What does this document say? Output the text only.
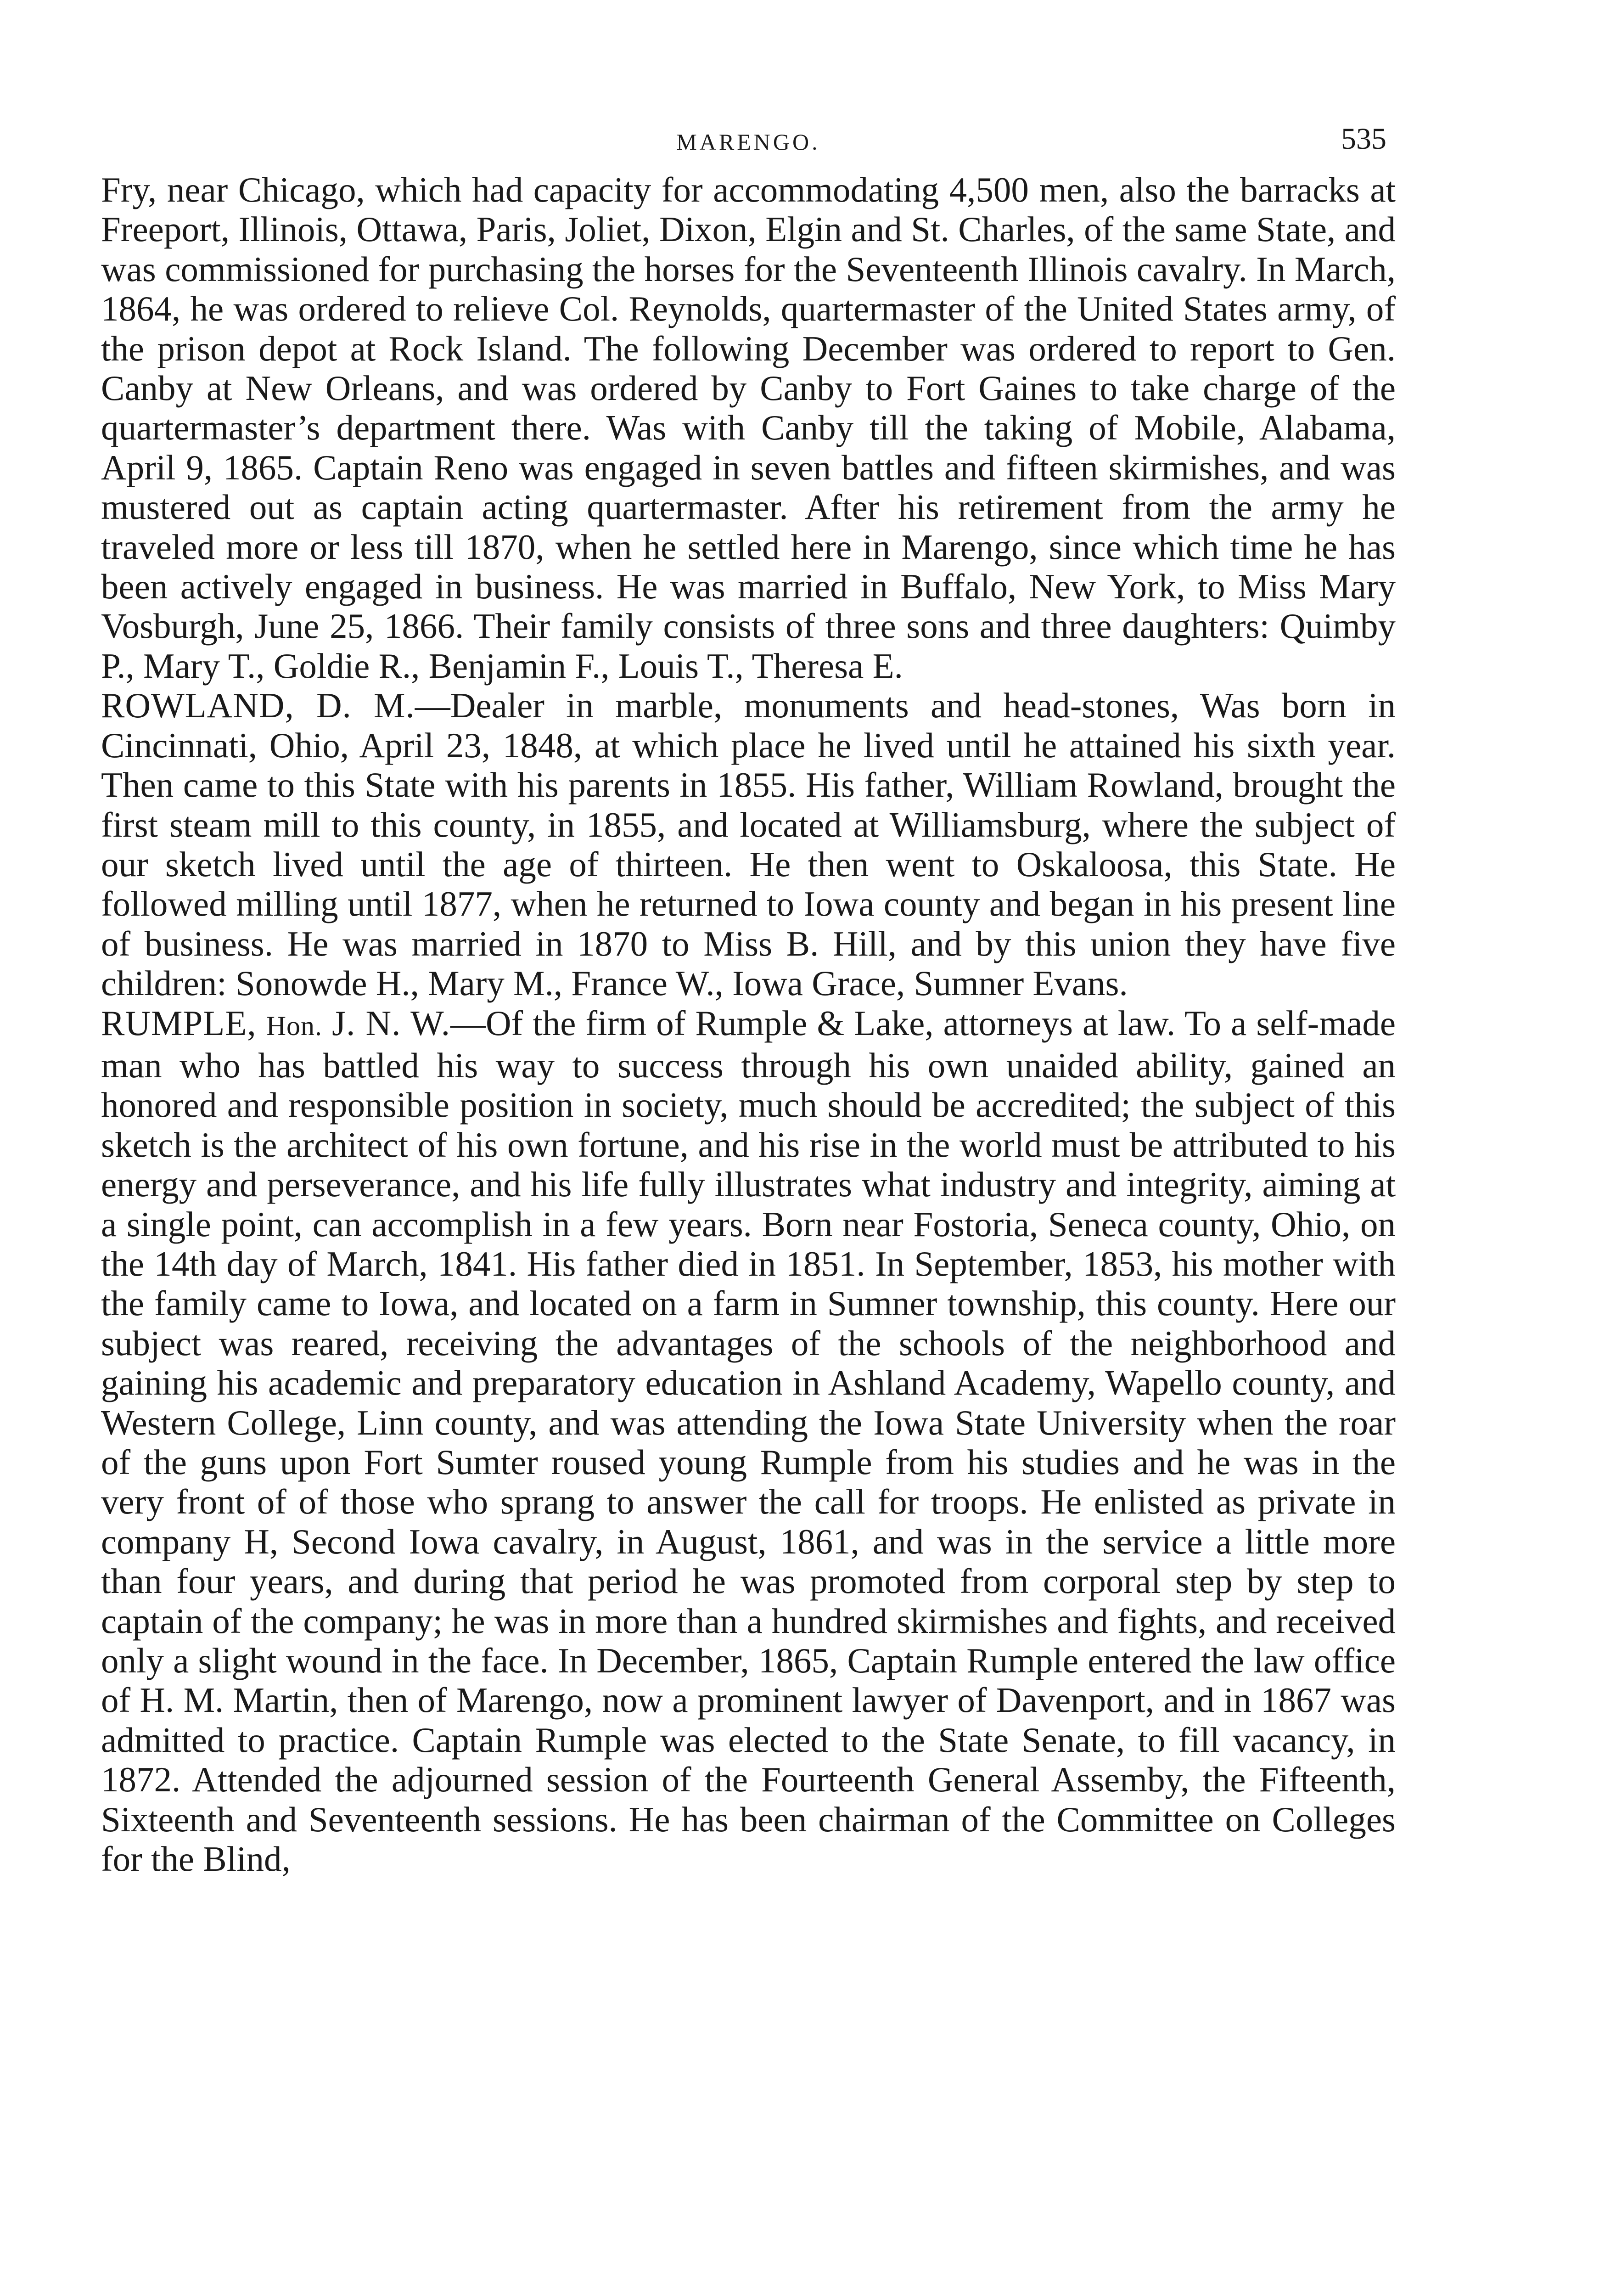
MARENGO.	535

Fry, near Chicago, which had capacity for accommodating 4,500 men, also the barracks at Freeport, Illinois, Ottawa, Paris, Joliet, Dixon, Elgin and St. Charles, of the same State, and was commissioned for purchasing the horses for the Seventeenth Illinois cavalry. In March, 1864, he was ordered to relieve Col. Reynolds, quartermaster of the United States army, of the prison depot at Rock Island. The following December was ordered to report to Gen. Canby at New Orleans, and was ordered by Canby to Fort Gaines to take charge of the quartermaster’s department there. Was with Canby till the taking of Mobile, Alabama, April 9, 1865. Captain Reno was engaged in seven battles and fifteen skirmishes, and was mustered out as captain acting quartermaster. After his retirement from the army he traveled more or less till 1870, when he settled here in Marengo, since which time he has been actively engaged in business. He was married in Buffalo, New York, to Miss Mary Vosburgh, June 25, 1866. Their family consists of three sons and three daughters: Quimby P., Mary T., Goldie R., Benjamin F., Louis T., Theresa E.

ROWLAND, D. M.—Dealer in marble, monuments and head-stones, Was born in Cincinnati, Ohio, April 23, 1848, at which place he lived until he attained his sixth year. Then came to this State with his parents in 1855. His father, William Rowland, brought the first steam mill to this county, in 1855, and located at Williamsburg, where the subject of our sketch lived until the age of thirteen. He then went to Oskaloosa, this State. He followed milling until 1877, when he returned to Iowa county and began in his present line of business. He was married in 1870 to Miss B. Hill, and by this union they have five children: Sonowde H., Mary M., France W., Iowa Grace, Sumner Evans.

RUMPLE, Hon. J. N. W.—Of the firm of Rumple & Lake, attorneys at law. To a self-made man who has battled his way to success through his own unaided ability, gained an honored and responsible position in society, much should be accredited; the subject of this sketch is the architect of his own fortune, and his rise in the world must be attributed to his energy and perseverance, and his life fully illustrates what industry and integrity, aiming at a single point, can accomplish in a few years. Born near Fostoria, Seneca county, Ohio, on the 14th day of March, 1841. His father died in 1851. In September, 1853, his mother with the family came to Iowa, and located on a farm in Sumner township, this county. Here our subject was reared, receiving the advantages of the schools of the neighborhood and gaining his academic and preparatory education in Ashland Academy, Wapello county, and Western College, Linn county, and was attending the Iowa State University when the roar of the guns upon Fort Sumter roused young Rumple from his studies and he was in the very front of of those who sprang to answer the call for troops. He enlisted as private in company H, Second Iowa cavalry, in August, 1861, and was in the service a little more than four years, and during that period he was promoted from corporal step by step to captain of the company; he was in more than a hundred skirmishes and fights, and received only a slight wound in the face. In December, 1865, Captain Rumple entered the law office of H. M. Martin, then of Marengo, now a prominent lawyer of Davenport, and in 1867 was admitted to practice. Captain Rumple was elected to the State Senate, to fill vacancy, in 1872. Attended the adjourned session of the Fourteenth General Assemby, the Fifteenth, Sixteenth and Seventeenth sessions. He has been chairman of the Committee on Colleges for the Blind,
